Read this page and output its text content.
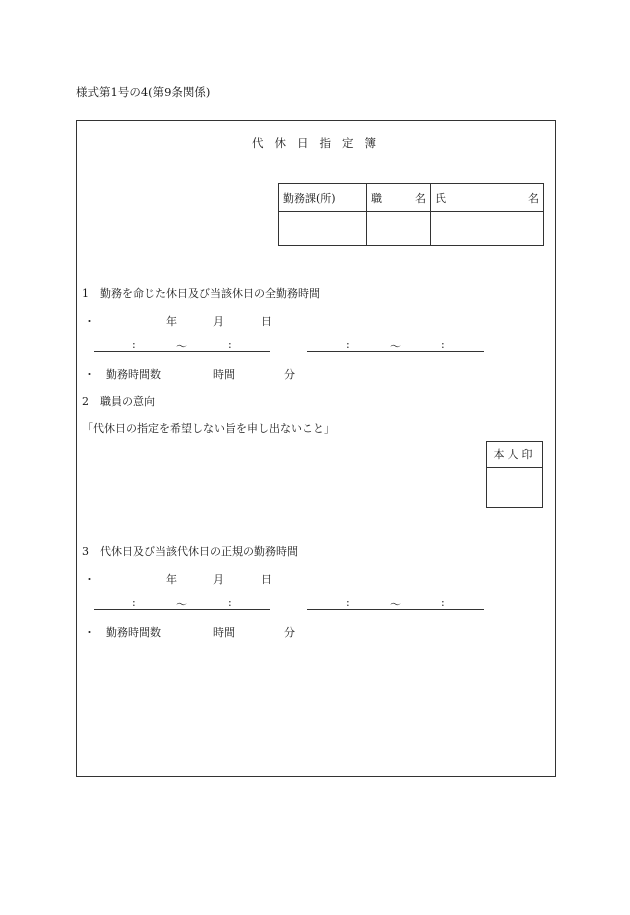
様式第1号の4(第9条関係)
代休日指定簿
勤務課(所)	職 名	氏 名

1　勤務を命じた休日及び当該休日の全勤務時間
・	年	月	日
:	〜	:	:	〜	:
・ 勤務時間数	時間	分
2　職員の意向
「代休日の指定を希望しない旨を申し出ないこと」
本人印
3　代休日及び当該代休日の正規の勤務時間
・	年	月	日
:	〜	:	:	〜	:
・ 勤務時間数	時間	分
